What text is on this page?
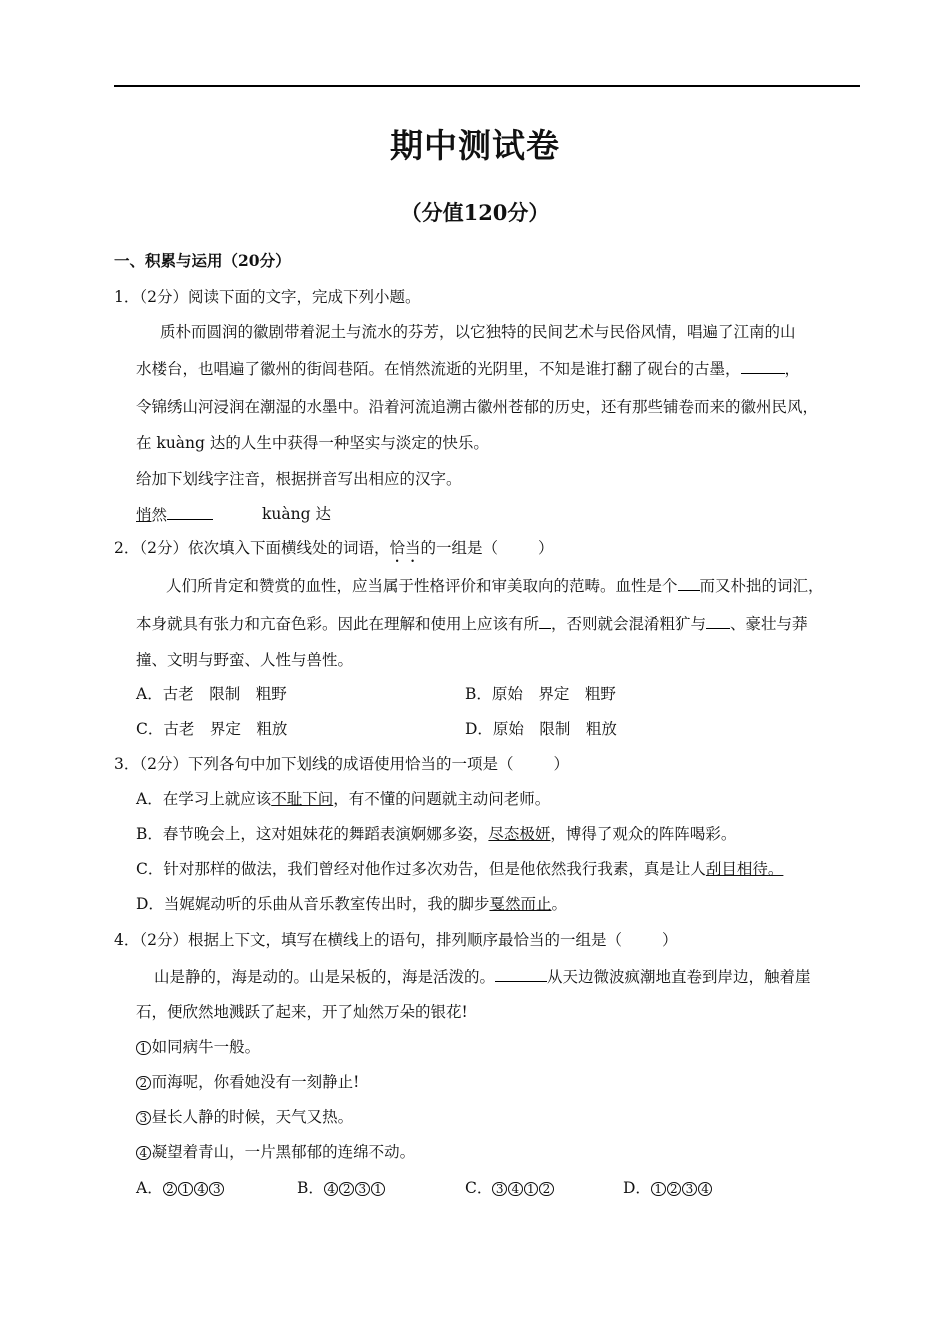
期中测试卷
（分值120分）
一、积累与运用（20分）
1．（2分）阅读下面的文字，完成下列小题。
质朴而圆润的徽剧带着泥土与流水的芬芳，以它独特的民间艺术与民俗风情，唱遍了江南的山
水楼台，也唱遍了徽州的街闾巷陌。在悄然流逝的光阴里，不知是谁打翻了砚台的古墨，	，
令锦绣山河浸润在潮湿的水墨中。沿着河流追溯古徽州苍郁的历史，还有那些铺卷而来的徽州民风，
在 kuàng 达的人生中获得一种坚实与淡定的快乐。
给加下划线字注音，根据拼音写出相应的汉字。
悄然	kuàng 达
2．（2分）依次填入下面横线处的词语，恰当的一组是（	）
人们所肯定和赞赏的血性，应当属于性格评价和审美取向的范畴。血性是个 而又朴拙的词汇，
本身就具有张力和亢奋色彩。因此在理解和使用上应该有所 ，否则就会混淆粗犷与 、豪壮与莽
撞、文明与野蛮、人性与兽性。
A．古老　限制　粗野	B．原始　界定　粗野
C．古老　界定　粗放	D．原始　限制　粗放
3．（2分）下列各句中加下划线的成语使用恰当的一项是（	）
A．在学习上就应该不耻下问，有不懂的问题就主动问老师。
B．春节晚会上，这对姐妹花的舞蹈表演婀娜多姿，尽态极妍，博得了观众的阵阵喝彩。
C．针对那样的做法，我们曾经对他作过多次劝告，但是他依然我行我素，真是让人刮目相待。
D．当娓娓动听的乐曲从音乐教室传出时，我的脚步戛然而止。
4．（2分）根据上下文，填写在横线上的语句，排列顺序最恰当的一组是（	）
山是静的，海是动的。山是呆板的，海是活泼的。	从天边微波疯潮地直卷到岸边，触着崖
石，便欣然地溅跃了起来，开了灿然万朵的银花!
1 如同病牛一般。
2 而海呢，你看她没有一刻静止!
3 昼长人静的时候，天气又热。
4 凝望着青山，一片黑郁郁的连绵不动。
A． 2 1 4 3	B． 4 2 3 1	C． 3 4 1 2	D． 1 2 3 4
